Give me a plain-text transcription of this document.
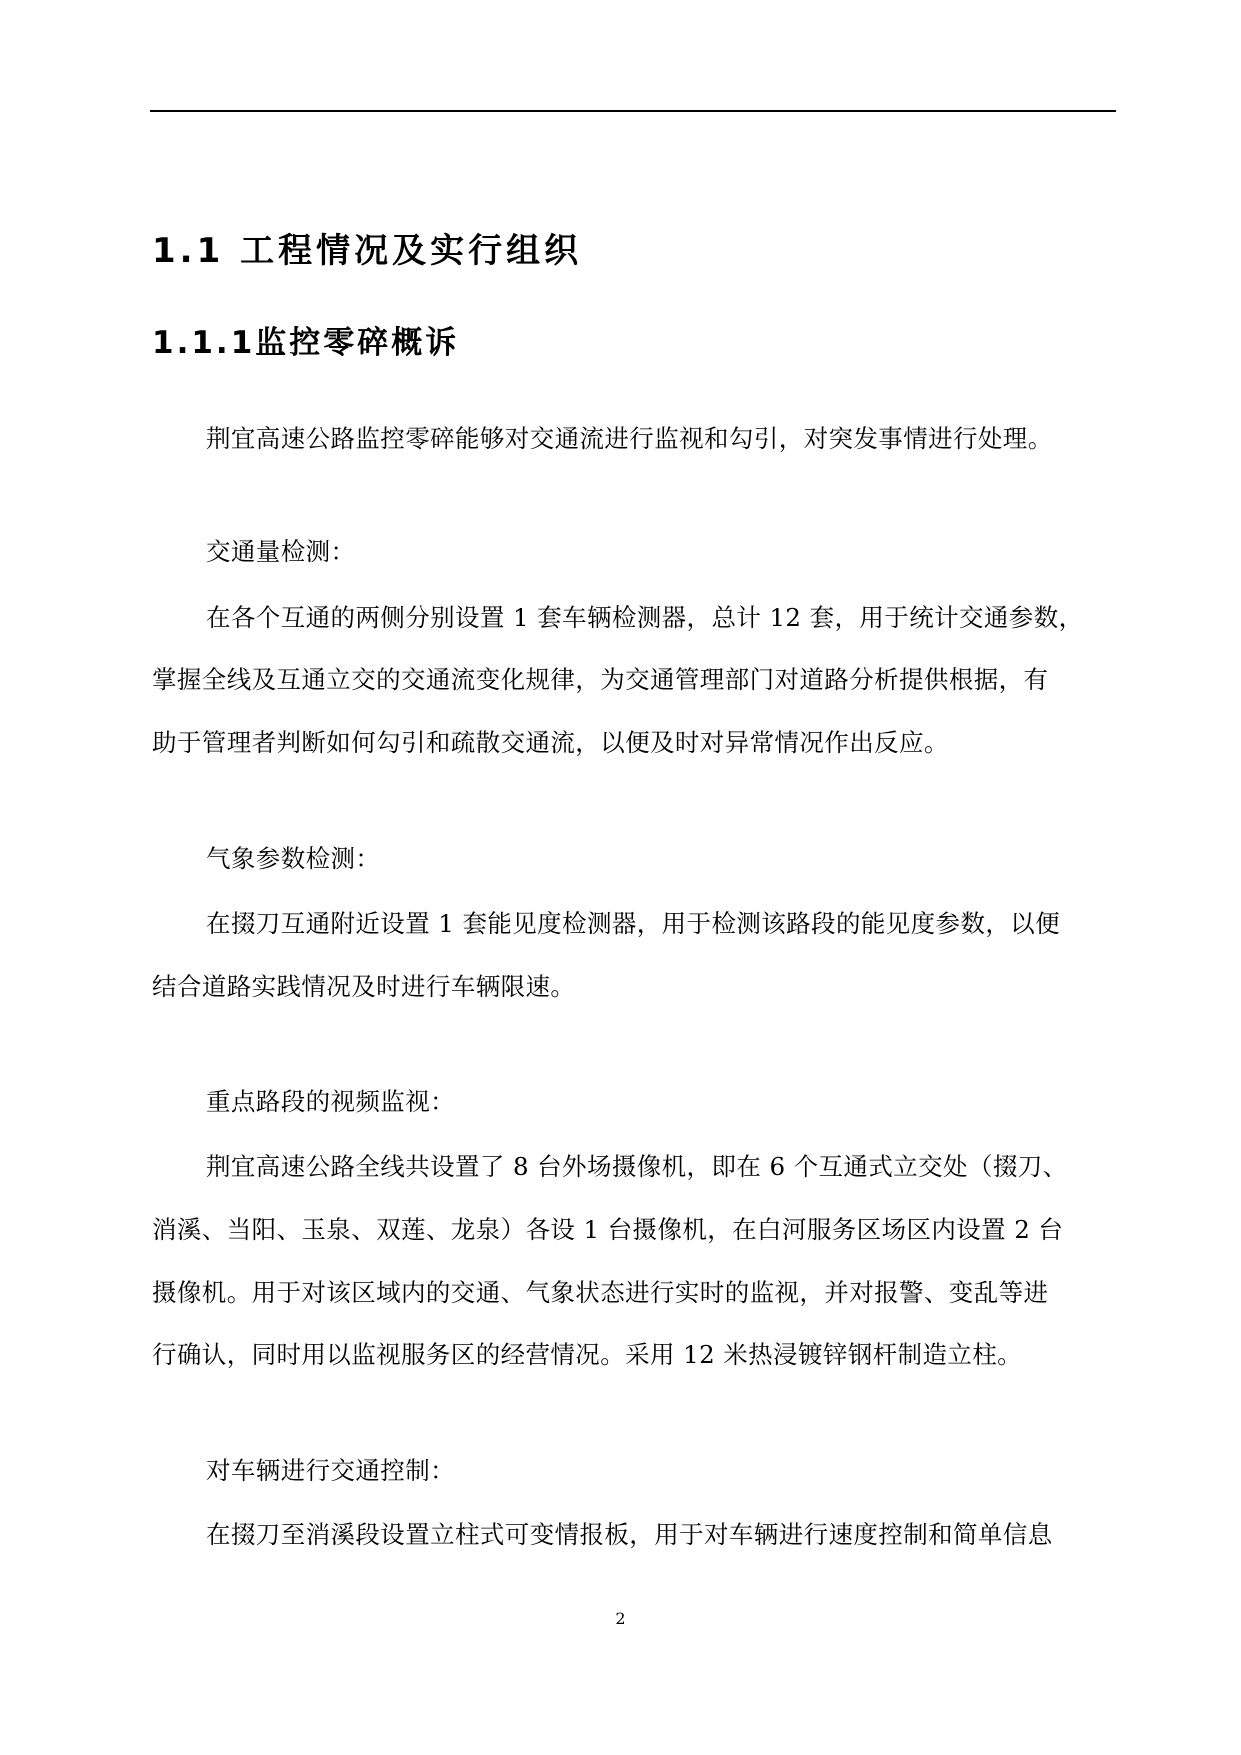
1.1 工程情况及实行组织
1.1.1监控零碎概诉
荆宜高速公路监控零碎能够对交通流进行监视和勾引，对突发事情进行处理。
交通量检测：
在各个互通的两侧分别设置 1 套车辆检测器，总计 12 套，用于统计交通参数，
掌握全线及互通立交的交通流变化规律，为交通管理部门对道路分析提供根据，有
助于管理者判断如何勾引和疏散交通流，以便及时对异常情况作出反应。
气象参数检测：
在掇刀互通附近设置 1 套能见度检测器，用于检测该路段的能见度参数，以便
结合道路实践情况及时进行车辆限速。
重点路段的视频监视：
荆宜高速公路全线共设置了 8 台外场摄像机，即在 6 个互通式立交处（掇刀、
消溪、当阳、玉泉、双莲、龙泉）各设 1 台摄像机，在白河服务区场区内设置 2 台
摄像机。用于对该区域内的交通、气象状态进行实时的监视，并对报警、变乱等进
行确认，同时用以监视服务区的经营情况。采用 12 米热浸镀锌钢杆制造立柱。
对车辆进行交通控制：
在掇刀至消溪段设置立柱式可变情报板，用于对车辆进行速度控制和简单信息
2
